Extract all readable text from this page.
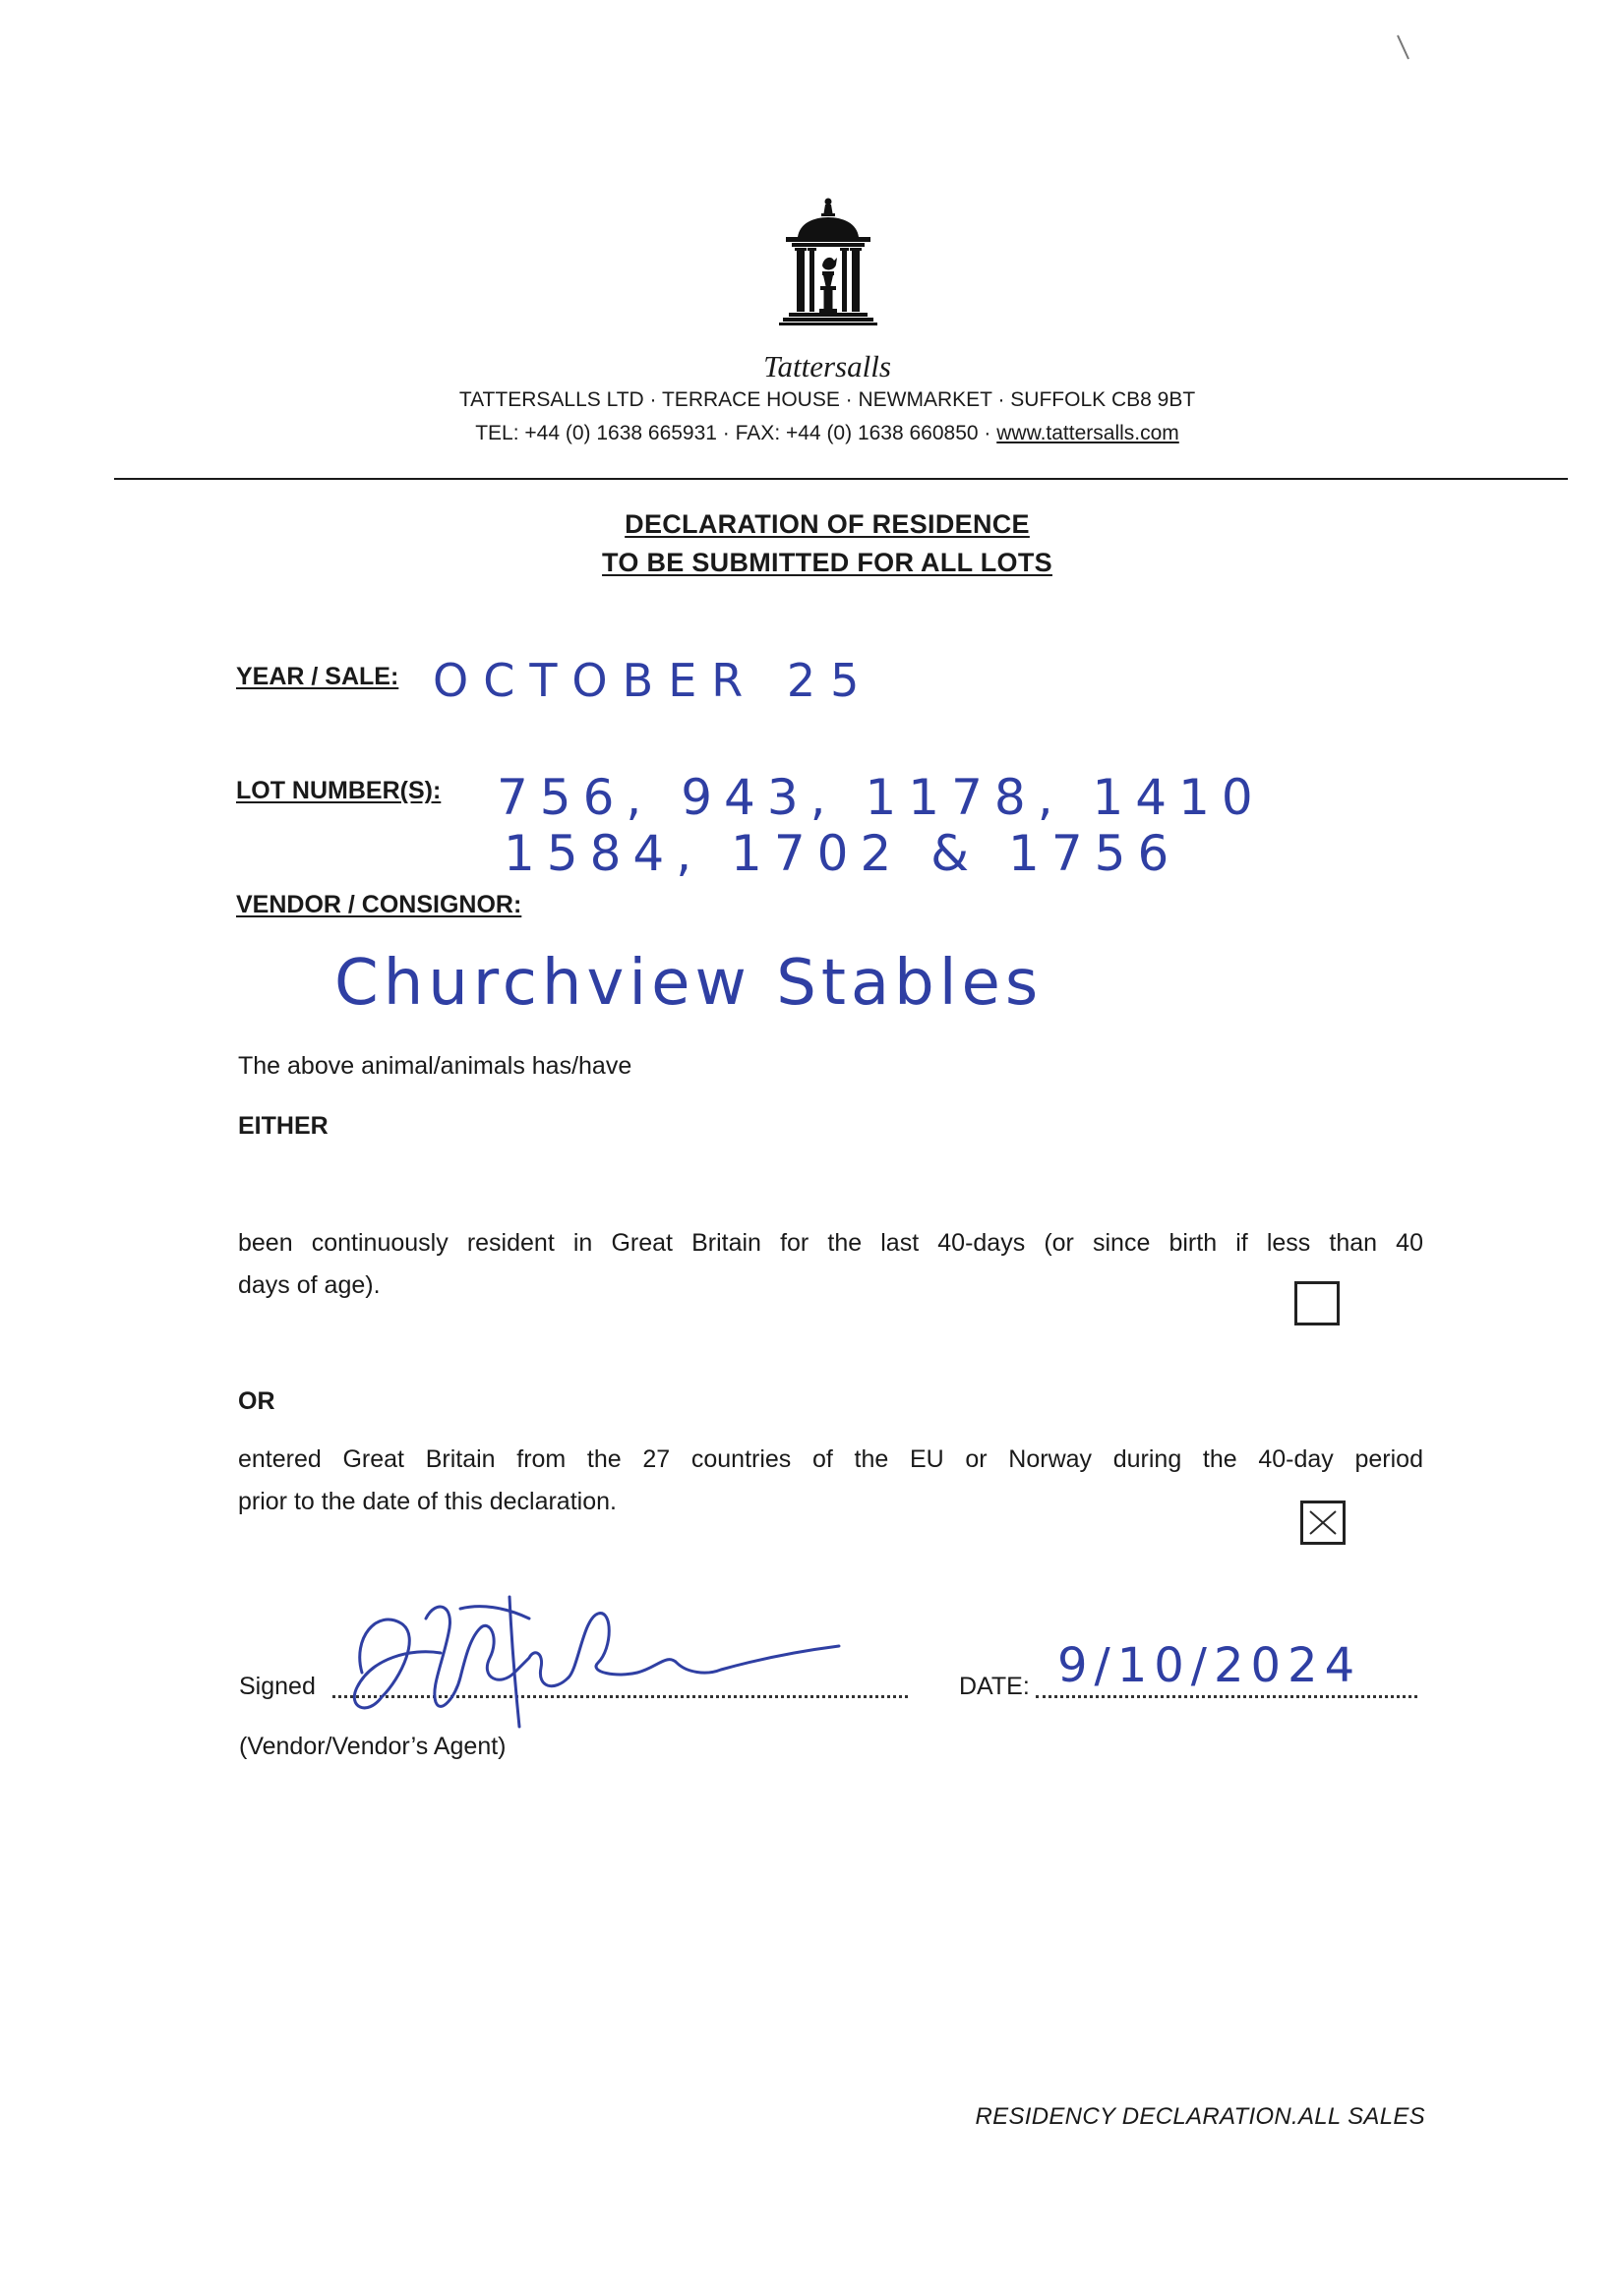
Tattersalls
TATTERSALLS LTD · TERRACE HOUSE · NEWMARKET · SUFFOLK CB8 9BT
TEL: +44 (0) 1638 665931 · FAX: +44 (0) 1638 660850 · www.tattersalls.com
DECLARATION OF RESIDENCE
TO BE SUBMITTED FOR ALL LOTS
YEAR / SALE: OCTOBER 25
LOT NUMBER(S): 756, 943, 1178, 1410
1584, 1702 & 1756
VENDOR / CONSIGNOR:
Churchview Stables
The above animal/animals has/have
EITHER
been continuously resident in Great Britain for the last 40-days (or since birth if less than 40
days of age).
OR
entered Great Britain from the 27 countries of the EU or Norway during the 40-day period
prior to the date of this declaration.
Signed	DATE: 9/10/2024
(Vendor/Vendor’s Agent)
RESIDENCY DECLARATION.ALL SALES
